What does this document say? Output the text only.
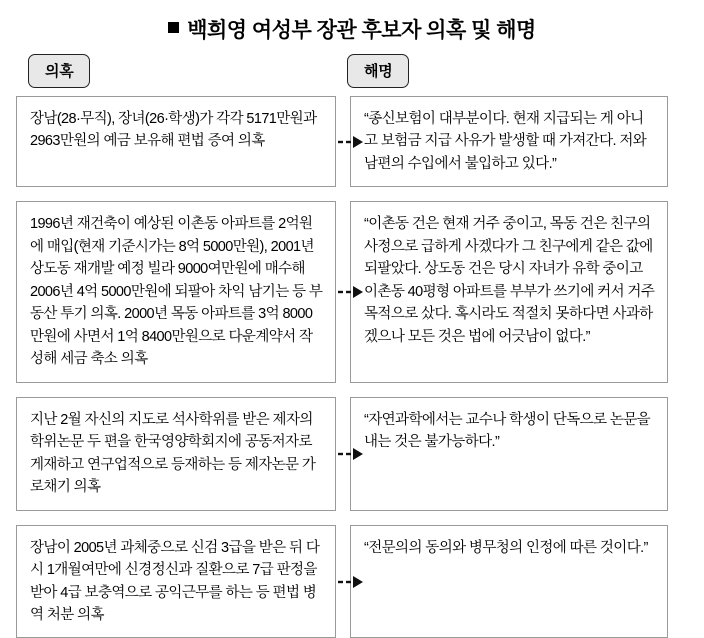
백희영 여성부 장관 후보자 의혹 및 해명
의혹	해명

장남(28·무직), 장녀(26·학생)가 각각 5171만원과 2963만원의 예금 보유해 편법 증여 의혹

“종신보험이 대부분이다. 현재 지급되는 게 아니고 보험금 지급 사유가 발생할 때 가져간다. 저와 남편의 수입에서 불입하고 있다.”

1996년 재건축이 예상된 이촌동 아파트를 2억원에 매입(현재 기준시가는 8억 5000만원), 2001년 상도동 재개발 예정 빌라 9000여만원에 매수해 2006년 4억 5000만원에 되팔아 차익 남기는 등 부동산 투기 의혹. 2000년 목동 아파트를 3억 8000만원에 사면서 1억 8400만원으로 다운계약서 작성해 세금 축소 의혹

“이촌동 건은 현재 거주 중이고, 목동 건은 친구의 사정으로 급하게 사겠다가 그 친구에게 같은 값에 되팔았다. 상도동 건은 당시 자녀가 유학 중이고 이촌동 40평형 아파트를 부부가 쓰기에 커서 거주 목적으로 샀다. 혹시라도 적절치 못하다면 사과하겠으나 모든 것은 법에 어긋남이 없다.”

지난 2월 자신의 지도로 석사학위를 받은 제자의 학위논문 두 편을 한국영양학회지에 공동저자로 게재하고 연구업적으로 등재하는 등 제자논문 가로채기 의혹

“자연과학에서는 교수나 학생이 단독으로 논문을 내는 것은 불가능하다.”

장남이 2005년 과체중으로 신검 3급을 받은 뒤 다시 1개월여만에 신경정신과 질환으로 7급 판정을 받아 4급 보충역으로 공익근무를 하는 등 편법 병역 처분 의혹

“전문의의 동의와 병무청의 인정에 따른 것이다.”
